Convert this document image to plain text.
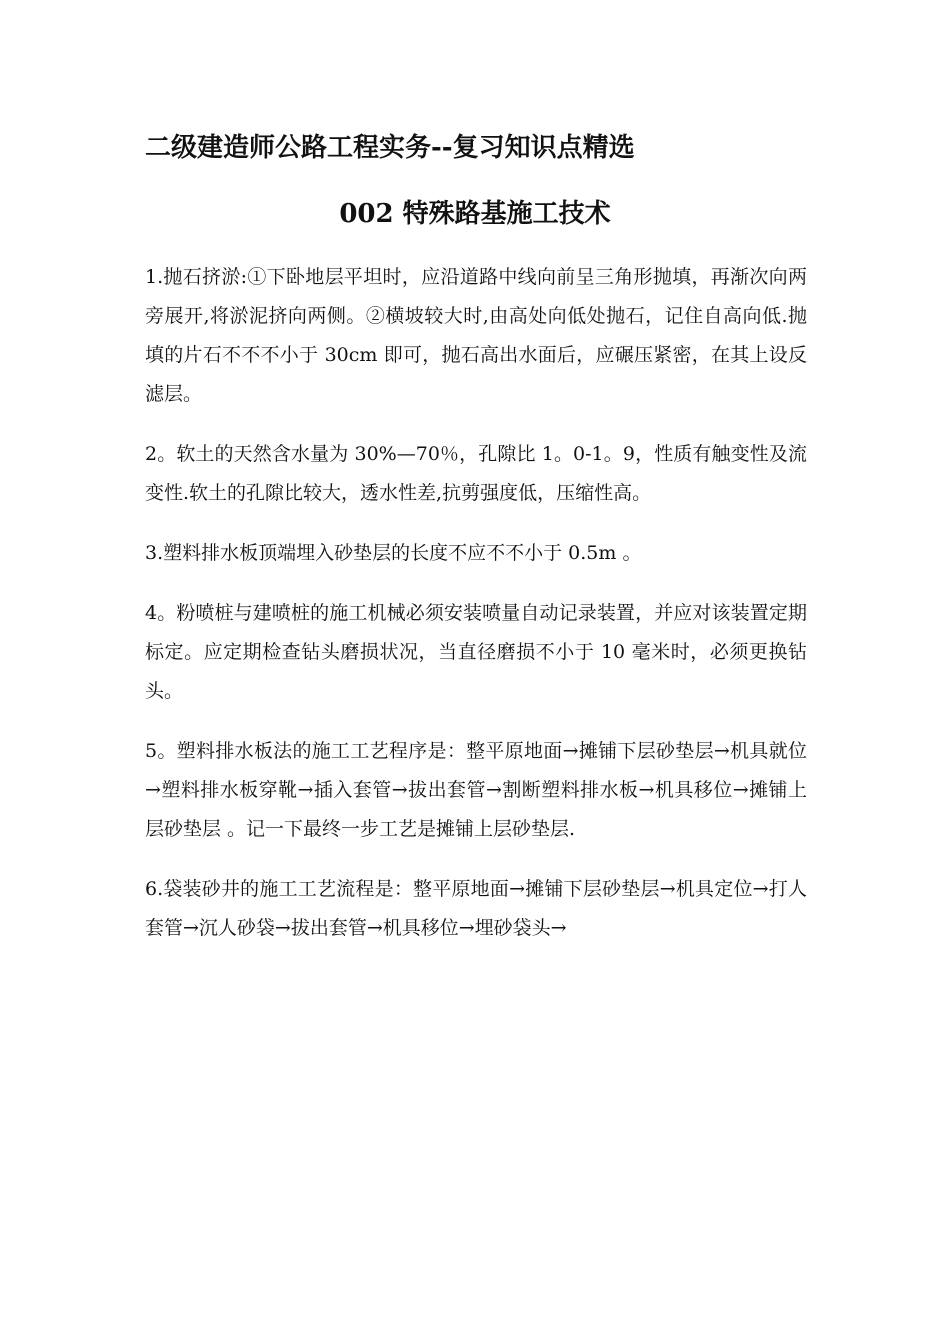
二级建造师公路工程实务--复习知识点精选
002 特殊路基施工技术

1.抛石挤淤:①下卧地层平坦时，应沿道路中线向前呈三角形抛填，再渐次向两旁展开,将淤泥挤向两侧。②横坡较大时,由高处向低处抛石，记住自高向低.抛填的片石不不不小于 30cm 即可，抛石高出水面后，应碾压紧密，在其上设反滤层。

2。软土的天然含水量为 30%—70％，孔隙比 1。0-1。9，性质有触变性及流变性.软土的孔隙比较大，透水性差,抗剪强度低，压缩性高。

3.塑料排水板顶端埋入砂垫层的长度不应不不小于 0.5m 。

4。粉喷桩与建喷桩的施工机械必须安装喷量自动记录装置，并应对该装置定期标定。应定期检查钻头磨损状况，当直径磨损不小于 10 毫米时，必须更换钻头。

5。塑料排水板法的施工工艺程序是：整平原地面→摊铺下层砂垫层→机具就位→塑料排水板穿靴→插入套管→拔出套管→割断塑料排水板→机具移位→摊铺上层砂垫层 。记一下最终一步工艺是摊铺上层砂垫层.

6.袋装砂井的施工工艺流程是：整平原地面→摊铺下层砂垫层→机具定位→打人套管→沉人砂袋→拔出套管→机具移位→埋砂袋头→
